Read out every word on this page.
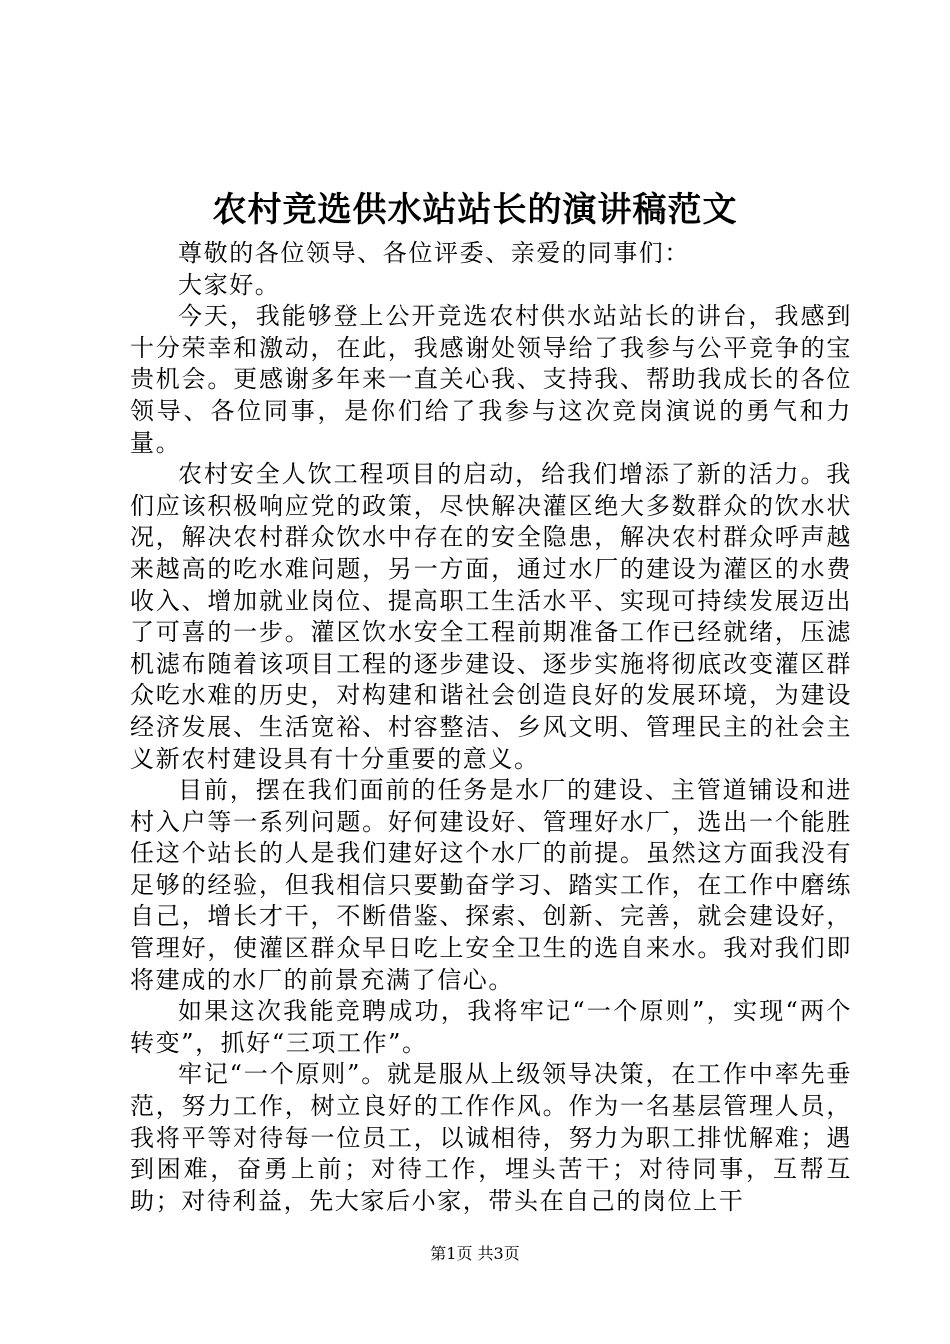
农村竞选供水站站长的演讲稿范文

尊敬的各位领导、各位评委、亲爱的同事们：

大家好。

今天，我能够登上公开竞选农村供水站站长的讲台，我感到十分荣幸和激动，在此，我感谢处领导给了我参与公平竞争的宝贵机会。更感谢多年来一直关心我、支持我、帮助我成长的各位领导、各位同事，是你们给了我参与这次竞岗演说的勇气和力量。

农村安全人饮工程项目的启动，给我们增添了新的活力。我们应该积极响应党的政策，尽快解决灌区绝大多数群众的饮水状况，解决农村群众饮水中存在的安全隐患，解决农村群众呼声越来越高的吃水难问题，另一方面，通过水厂的建设为灌区的水费收入、增加就业岗位、提高职工生活水平、实现可持续发展迈出了可喜的一步。灌区饮水安全工程前期准备工作已经就绪，压滤机滤布随着该项目工程的逐步建设、逐步实施将彻底改变灌区群众吃水难的历史，对构建和谐社会创造良好的发展环境，为建设经济发展、生活宽裕、村容整洁、乡风文明、管理民主的社会主义新农村建设具有十分重要的意义。

目前，摆在我们面前的任务是水厂的建设、主管道铺设和进村入户等一系列问题。好何建设好、管理好水厂，选出一个能胜任这个站长的人是我们建好这个水厂的前提。虽然这方面我没有足够的经验，但我相信只要勤奋学习、踏实工作，在工作中磨练自己，增长才干，不断借鉴、探索、创新、完善，就会建设好，管理好，使灌区群众早日吃上安全卫生的选自来水。我对我们即将建成的水厂的前景充满了信心。

如果这次我能竞聘成功，我将牢记“一个原则”，实现“两个转变”，抓好“三项工作”。

牢记“一个原则”。就是服从上级领导决策，在工作中率先垂范，努力工作，树立良好的工作作风。作为一名基层管理人员，我将平等对待每一位员工，以诚相待，努力为职工排忧解难；遇到困难，奋勇上前；对待工作，埋头苦干；对待同事，互帮互助；对待利益，先大家后小家，带头在自己的岗位上干

第1页 共3页
